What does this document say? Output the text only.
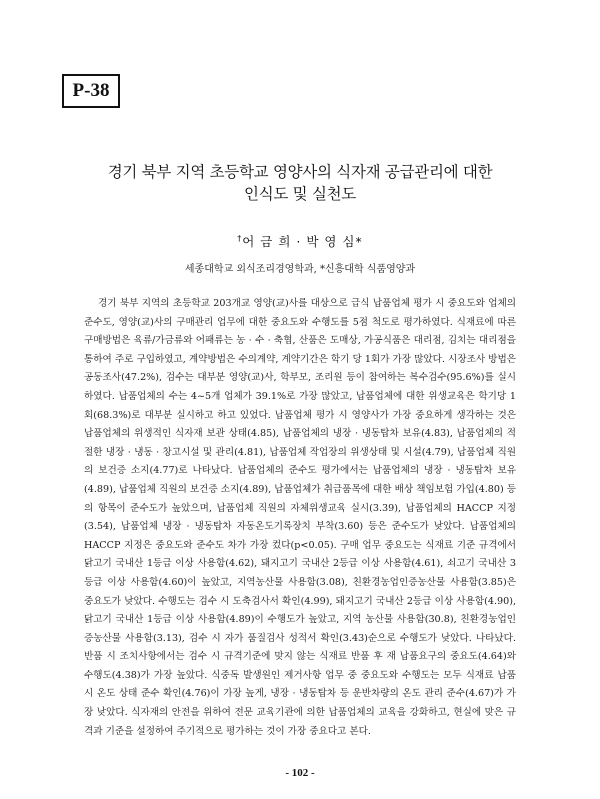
P-38
경기 북부 지역 초등학교 영양사의 식자재 공급관리에 대한
인식도 및 실천도
†어 금 희 · 박 영 심*
세종대학교 외식조리경영학과, *신흥대학 식품영양과

경기 북부 지역의 초등학교 203개교 영양(교)사를 대상으로 급식 납품업체 평가 시 중요도와 업체의 준수도, 영양(교)사의 구매관리 업무에 대한 중요도와 수행도를 5점 척도로 평가하였다. 식재료에 따른 구매방법은 육류/가금류와 어패류는 농 · 수 · 축협, 산품은 도매상, 가공식품은 대리점, 김치는 대리점을 통하여 주로 구입하였고, 계약방법은 수의계약, 계약기간은 학기 당 1회가 가장 많았다. 시장조사 방법은 공동조사(47.2%), 검수는 대부분 영양(교)사, 학부모, 조리원 등이 참여하는 복수검수(95.6%)를 실시하였다. 납품업체의 수는 4~5개 업체가 39.1%로 가장 많았고, 납품업체에 대한 위생교육은 학기당 1회(68.3%)로 대부분 실시하고 하고 있었다. 납품업체 평가 시 영양사가 가장 중요하게 생각하는 것은 납품업체의 위생적인 식자재 보관 상태(4.85), 납품업체의 냉장 · 냉동탑차 보유(4.83), 납품업체의 적절한 냉장 · 냉동 · 창고시설 및 관리(4.81), 납품업체 작업장의 위생상태 및 시설(4.79), 납품업체 직원의 보건증 소지(4.77)로 나타났다. 납품업체의 준수도 평가에서는 납품업체의 냉장 · 냉동탑차 보유(4.89), 납품업체 직원의 보건증 소지(4.89), 납품업체가 취급품목에 대한 배상 책임보험 가입(4.80) 등의 항목이 준수도가 높았으며, 납품업체 직원의 자체위생교육 실시(3.39), 납품업체의 HACCP 지정(3.54), 납품업체 냉장 · 냉동탑차 자동온도기록장치 부착(3.60) 등은 준수도가 낮았다. 납품업체의 HACCP 지정은 중요도와 준수도 차가 가장 컸다(p<0.05). 구매 업무 중요도는 식재료 기준 규격에서 닭고기 국내산 1등급 이상 사용함(4.62), 돼지고기 국내산 2등급 이상 사용함(4.61), 쇠고기 국내산 3등급 이상 사용함(4.60)이 높았고, 지역농산물 사용함(3.08), 친환경농업인증농산물 사용함(3.85)은 중요도가 낮았다. 수행도는 검수 시 도축검사서 확인(4.99), 돼지고기 국내산 2등급 이상 사용함(4.90), 닭고기 국내산 1등급 이상 사용함(4.89)이 수행도가 높았고, 지역 농산물 사용함(30.8), 친환경농업인증농산물 사용함(3.13), 검수 시 자가 품질검사 성적서 확인(3.43)순으로 수행도가 낮았다. 나타났다. 반품 시 조치사항에서는 검수 시 규격기준에 맞지 않는 식재료 반품 후 재 납품요구의 중요도(4.64)와 수행도(4.38)가 가장 높았다. 식중독 발생원인 제거사항 업무 중 중요도와 수행도는 모두 식재료 납품 시 온도 상태 준수 확인(4.76)이 가장 높게, 냉장 · 냉동탑차 등 운반차량의 온도 관리 준수(4.67)가 가장 낮았다. 식자재의 안전을 위하여 전문 교육기관에 의한 납품업체의 교육을 강화하고, 현실에 맞은 규격과 기준을 설정하여 주기적으로 평가하는 것이 가장 중요다고 본다.

- 102 -
